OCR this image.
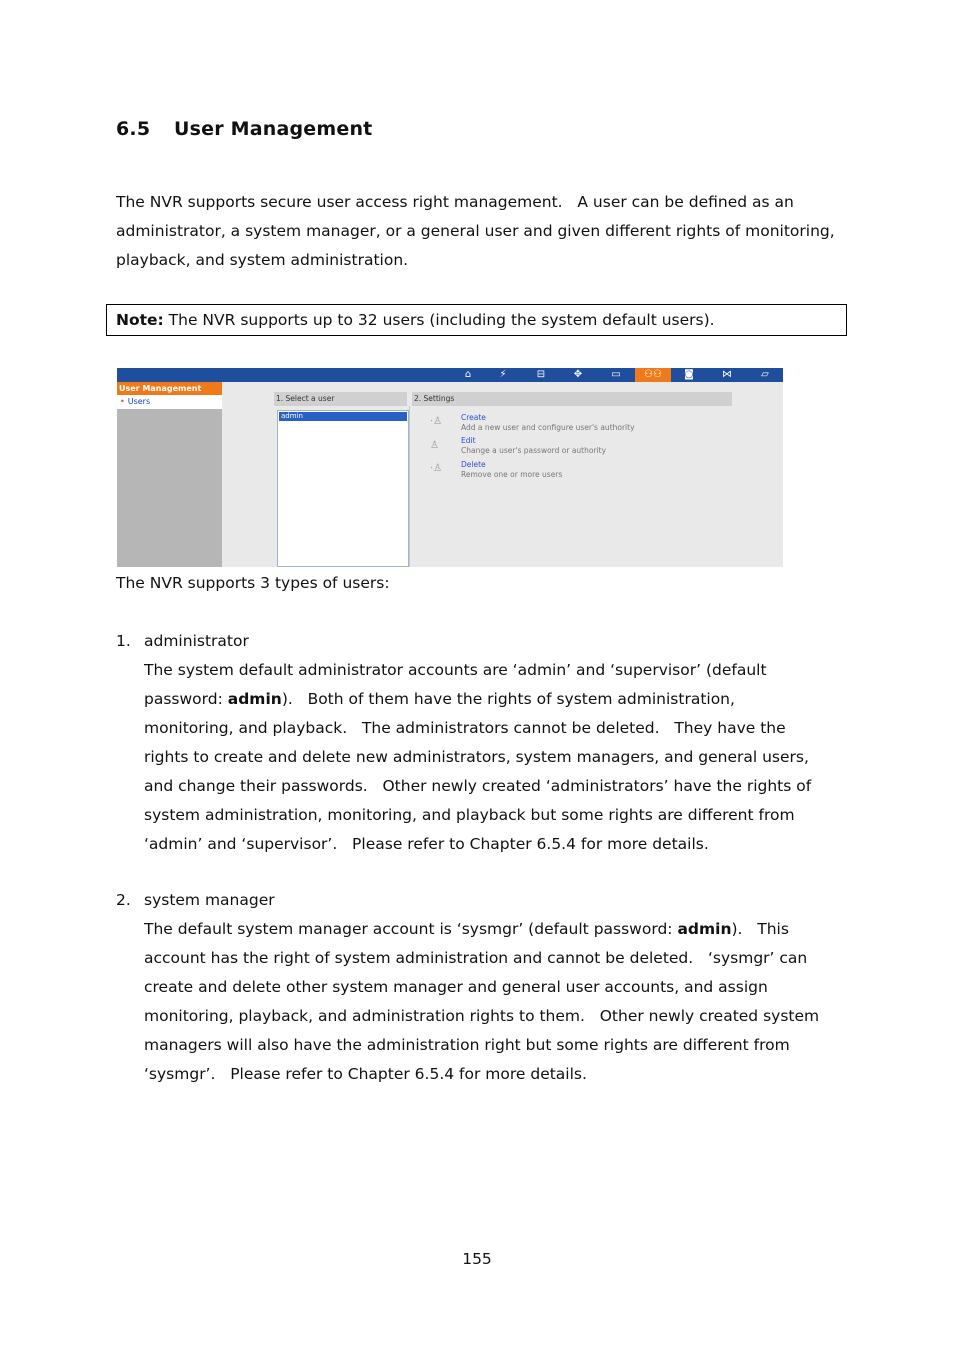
6.5 User Management
The NVR supports secure user access right management.   A user can be defined as an
administrator, a system manager, or a general user and given different rights of monitoring,
playback, and system administration.
Note: The NVR supports up to 32 users (including the system default users).
⌂	⚡	⊟	✥	▭	⚇⚇	◙	⋈	▱
User Management
• Users	1. Select a user	2. Settings
admin	⋅♙	Create
Add a new user and configure user's authority
♙	Edit
Change a user's password or authority
⋅♙	Delete
Remove one or more users
The NVR supports 3 types of users:
1. administrator
The system default administrator accounts are ‘admin’ and ‘supervisor’ (default
password: admin).   Both of them have the rights of system administration,
monitoring, and playback.   The administrators cannot be deleted.   They have the
rights to create and delete new administrators, system managers, and general users,
and change their passwords.   Other newly created ‘administrators’ have the rights of
system administration, monitoring, and playback but some rights are different from
‘admin’ and ‘supervisor’.   Please refer to Chapter 6.5.4 for more details.
2. system manager
The default system manager account is ‘sysmgr’ (default password: admin).   This
account has the right of system administration and cannot be deleted.   ‘sysmgr’ can
create and delete other system manager and general user accounts, and assign
monitoring, playback, and administration rights to them.   Other newly created system
managers will also have the administration right but some rights are different from
‘sysmgr’.   Please refer to Chapter 6.5.4 for more details.
155
